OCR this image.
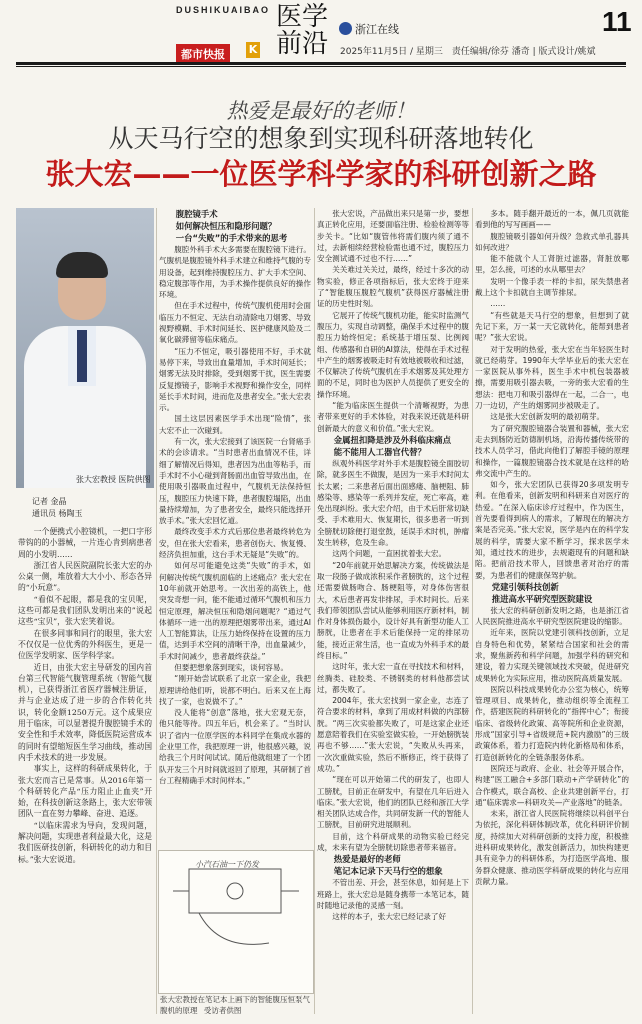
DUSHIKUAIBAO
都市快报	K
医学前沿	浙江在线
2025年11月5日 / 星期三　责任编辑/徐芬 潘奇 | 版式设计/姚斌
11
热爱是最好的老师！
从天马行空的想象到实现科研落地转化
张大宏——一位医学科学家的科研创新之路
张大宏教授 医院供图
记者 金晶
通讯员 杨陶玉

一个便携式小腔镜机，一把口字形带钩的的小器械，一片连心肯到病患者周的小发明……

浙江省人民医院副院长张大宏的办公桌一侧，堆放着大大小小、形态各异的“小玩意”。

“看似不起眼，都是我的宝贝呢，这些可都是我们团队发明出来的”说起这些“宝贝”，张大宏笑着说。

在很多同事和同行的眼里，张大宏不仅仅是一位优秀的外科医生，更是一位医学发明家、医学科学家。

近日，由张大宏主导研发的国内首台第三代智能气腹管理系统（智能气腹机），已获得浙江省医疗器械注册证，并与企业达成了进一步的合作转化共识，转化金额1250万元。这个成果应用于临床，可以显著提升腹腔镜手术的安全性和手术效率，降低医院运营成本的同时有望缩短医生学习曲线，推动国内手术技术的进一步发展。

事实上，这样的科研成果转化，于张大宏而言已是常事。从2016年第一个科研转化产品“压力阻止止血夹”开始，在科技创新这条路上，张大宏带领团队一直在努力攀峰、奋进、追逐。

“以临床需求为导向，发现问题，解决问题，实现患者利益最大化，这是我们医研技创新，科研转化的动力和目标。”张大宏说道。

腹腔镜手术

如何解决恒压和隐形问题？

一台“失败”的手术带来的思考

腹腔外科手术大多需要在腹腔镜下进行。气腹机是腹腔镜外科手术建立和维持气腹的专用设备，起到维持腹腔压力、扩大手术空间、稳定腹部等作用，为手术操作提供良好的操作环境。

但在手术过程中，传统气腹机使用时会面临压力不恒定、无法自动清除电刀烟雾、导致视野模糊、手术时间延长、医护健康风险及二氧化碳滞留等临床痛点。

“压力不恒定，吸引器使用不好，手术就易停下来，导致出血量增加，手术时间延长；烟雾无法及时排除，受到烟雾干扰，医生需要反复擦镜子，影响手术视野和操作安全，同样延长手术时间，进而危及患者安全。”张大宏表示。

国土这层因素医学手术出现“险情”，张大宏不止一次碰到。

有一次，张大宏接到了该医院一台肾癌手术的会诊请求。“当时患者出血情况不佳，详细了解情况后得知，患者因为出血等粘手，而手术时不小心碰到肾肠面出血管导致出血，在使用吸引器吸血过程中，气腹机无法保持恒压，腹腔压力快速下降，患者腹腔塌陷，出血量持续增加，为了患者安全，最终只能选择开放手术。”张大宏回忆道。

最终改变手术方式后那位患者最终转危为安，但在张大宏看来，患者创伤大、恢复慢、经济负担加重，这台手术无疑是“失败”的。

如何尽可能避免这类“失败”的手术，如何解决传统气腹机面临的上述痛点？张大宏在10年前就开始思考。一次出差的高铁上，他突发奇想一问，能不能通过循环气腹机和压力恒定原理，解决恒压和隐烟问题呢？“通过气体循环一进一出的原理把烟雾带出来，通过AI人工智能算法，让压力始终保持在设置的压力值，达到手术空间的清晰干净，出血量减少，手术时间减少，患者最终获益。”

但要把想象落到现实，谈何容易。

“刚开始尝试联系了北京一家企业，我把原理讲给他们听，说都不明白。后来又在上海找了一家，也说做不了。”

没人能将“创意”落地，张大宏观无奈，他只能等待。四五年后，机会来了。“当时认识了省内一位原学医的本科同学在集成水器的企业里工作，我把原理一讲，他很感兴趣，说给我三个月时间试试。随后他就组建了一个团队开发三个月时间就返回了原理，其研制了首台工程精确手术时间样本。”

张大宏说，产品做出来只是第一步，要想真正转化应用，还要面临注册、检验检测等等步关卡。“比如“腹管伟将需们腹内须了通不过，去新相续经营检验需也通不过，腹腔压力安全测试通不过也不行……”

关关难过关关过，最终，经过十多次的动物实验，修正各项指标后，张大宏终于迎来了“智能腹压腹腔气腹机”获得医疗器械注册证的历史性时刻。

它展开了传统气腹机功能，能实时监测气腹压力，实现自动调整，确保手术过程中的腹腔压力始终恒定；系统基于增压泵、比例阀组、传感器和自研的AI算法，使得在手术过程中产生的烟雾被吸走时有效地被吸收和过滤，不仅解决了传统气腹机在手术烟雾及其处理方面的不足，同时也为医护人员提供了更安全的操作环境。

“能为临床医生提供一个清晰视野，为患者带来更好的手术体验，对我来说还就是科研创新最大的意义和价值。”张大宏说。

金属扭扣降是涉及外科临床痛点

能不能用人工器官代替？

纵观外科医学对外手术是腹腔镜全面胶切除，就多医生不做腹，是因为一来手术时间太长太累；二来患者后面出面感瘘、脑梗阻、肺感染等、感染等一系列并发症，死亡率高，难免出现纠纷。张大宏介绍，由于术后肝常切缺受、手术难用大、恢复期长，很多患者一听到全膀胱切除便打退堂鼓，延误手术时机，肿瘤发生转移，危及生命。

这两个问题，一直困扰着张大宏。

“20年前就开始思解决方案，传统做法是取一段肠子做成浓积采作者膀胱的，这个过程还需要做肠吻合、肠梗阻等，对身体伤害很大，术后患者再发非排尿，手术时间长。后来我们带领团队尝试从能够利用医疗新材料，制作对身体损伤最小，设计好具有新型功能人工膀胱，让患者在手术后能保持一定的排尿功能，接近正常生活，也一直成为外科手术的最终目标。”

这时年，张大宏一直在寻找技术和材料，丝腾类、硅胶类、不锈钢类的材料他都尝试过，都失败了。

2004年，张大宏找到一家企业，志连了符合要求的材料，拿到了用成材料做的内部膀胱。“两三次实验都失败了，可是这家企业还愿意陪着我们在实验室做实验，一开始膀胱装再也不够……”张大宏说，“失败从头再来，一次次重做实验，然后不断修正，终于获得了成功。”

“现在可以开始第二代的研发了，也即人工膀胱，目前正在研发中，有望在几年后进入临床。”张大宏说，他们的团队已经和浙江大学相关团队达成合作，共同研发新一代的智能人工膀胱，目前研究进展顺利。

目前，这个科研成果的动物实验已经完成，未来有望为全膀胱切除患者带来福音。

热爱是最好的老师

笔记本记录下天马行空的想象

不管出差、开会，甚至休息，如何是上下班路上，张大宏总是随身携带一本笔记本，随时随地记录他的灵感一刻。

这样的本子，张大宏已经记录了好

多本。随手翻开最近的一本，佩几页就能看到他的写写画画——

腹腔镜吸引器如何升级？急救式单孔器具如何改进？

能不能就个人工肾脏过滤器，肾脏放哪里，怎么接，可述的水从哪里去？

发明一个像手表一样的卡扣，尿失禁患者戴上这个卡扣就自主调节排尿。

……

“有些就是天马行空的想象，但想到了就先记下来，万一某一天它就转化，能帮到患者呢？”张大宏说。

对于发明的热爱，张大宏在当年轻医生时就已经萌芽。1990年大学毕业后的张大宏在一家医院从事外科，医生手术中机包装器被擦，需要用吸引器去吸，一旁的张大宏看的生想法：把电刀和吸引器焊在一起，二合一，电刀一边切，产生的烟雾同步被吸走了。

这是张大宏创新发明的最初萌芽。

为了研究腹腔镜器合装置和器械，张大宏走去到肠防近防德制机场，沿海传播传统带的技术人员学习，借此向他们了解腔手镜的原理和操作，一篇腹腔镜器合技术就是在这样的哈弗交流中产生的。

如今，张大宏团队已获得20多项发明专利。在他看来，创新发明和科研来自对医疗的热爱。“在深入临床诊疗过程中，作为医生，首先要看得到病人的需求，了解现在的解决方案是否完美。”张大宏说，医学是内在的科学发展的科学，需要大家不断学习，探求医学未知，通过技术的进步，去规避现有的问题和缺陷。把前沿技术带人，回馈患者对治疗的需要，为患者们的健康保驾护航。

党建引领科技创新

推进高水平研究型医院建设

张大宏的科研创新发明之路，也是浙江省人民医院推进高水平研究型医院建设的缩影。

近年来，医院以党建引领科技创新，立足自身特色和优势，紧紧结合国家和社会的需求，聚焦新药和科学问题，加强学科的研究和建设，着力实现关键领域技术突破，促进研究成果转化为实际应用，推动医院高质量发展。

医院以科技成果转化办公室为核心，统筹管理项目、成果转化，推动组织等全流程工作，搭建医院的科研转化的“指挥中心”；衔接临床、省级转化政策、高等院所和企业资源，形成“国家引导+省级规范+院内激励”的三级政策体系，着力打造院内转化新格局和体系，打造创新转化的全链条服务体系。

医院还与政府、企业、社会等开展合作，构建“医工融合+多部门联动+产学研转化”的合作模式，联合高校、企业共建创新平台，打通“临床需求—科研攻关—产业落地”的链条。

未来，浙江省人民医院将继续以科创平台为依托，深化科研体制改革，优化科研评价制度，持续加大对科研创新的支持力度，积极推进科研成果转化，激发创新活力，加快构建更具有竞争力的科研体系，为打造医学高地、服务群众健康、推动医学科研成果的转化与应用贡献力量。

小汽石油一下仍发
张大宏教授在笔记本上画下的智能腹压恒泵气腹机的原理 受访者供图
